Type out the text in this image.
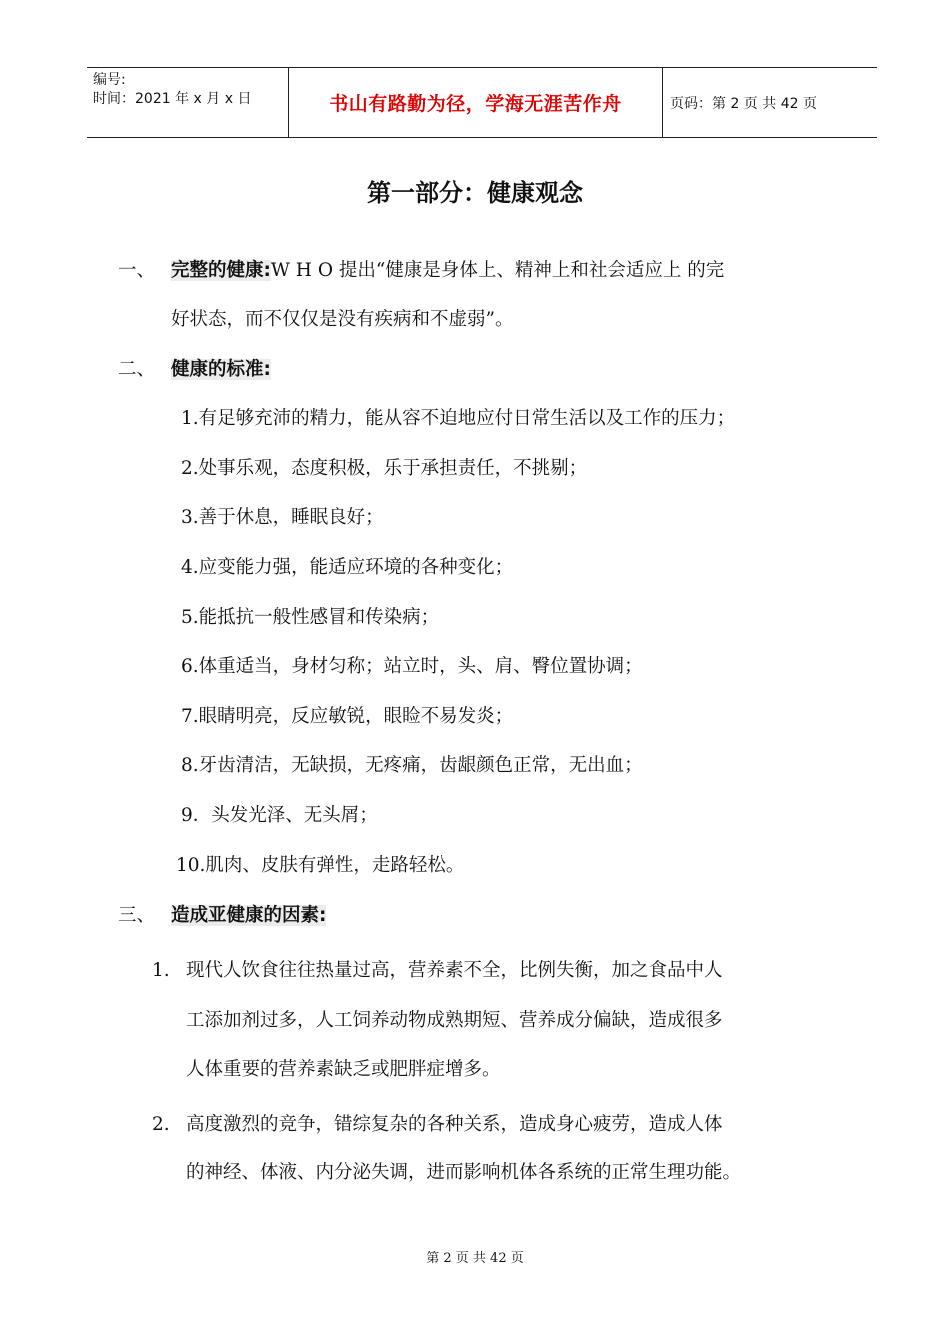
编号:
时间：2021 年 x 月 x 日	书山有路勤为径，学海无涯苦作舟	页码：第 2 页 共 42 页
第一部分：健康观念
一、 完整的健康:W H O 提出“健康是身体上、精神上和社会适应上 的完
好状态，而不仅仅是没有疾病和不虚弱”。
二、 健康的标准:
1.有足够充沛的精力，能从容不迫地应付日常生活以及工作的压力；
2.处事乐观，态度积极，乐于承担责任，不挑剔；
3.善于休息，睡眠良好；
4.应变能力强，能适应环境的各种变化；
5.能抵抗一般性感冒和传染病；
6.体重适当，身材匀称；站立时，头、肩、臀位置协调；
7.眼睛明亮，反应敏锐，眼睑不易发炎；
8.牙齿清洁，无缺损，无疼痛，齿龈颜色正常，无出血；
9．头发光泽、无头屑；
10.肌肉、皮肤有弹性，走路轻松。
三、 造成亚健康的因素:
1. 现代人饮食往往热量过高，营养素不全，比例失衡，加之食品中人
工添加剂过多，人工饲养动物成熟期短、营养成分偏缺，造成很多
人体重要的营养素缺乏或肥胖症增多。
2. 高度激烈的竞争，错综复杂的各种关系，造成身心疲劳，造成人体
的神经、体液、内分泌失调，进而影响机体各系统的正常生理功能。
第 2 页 共 42 页
